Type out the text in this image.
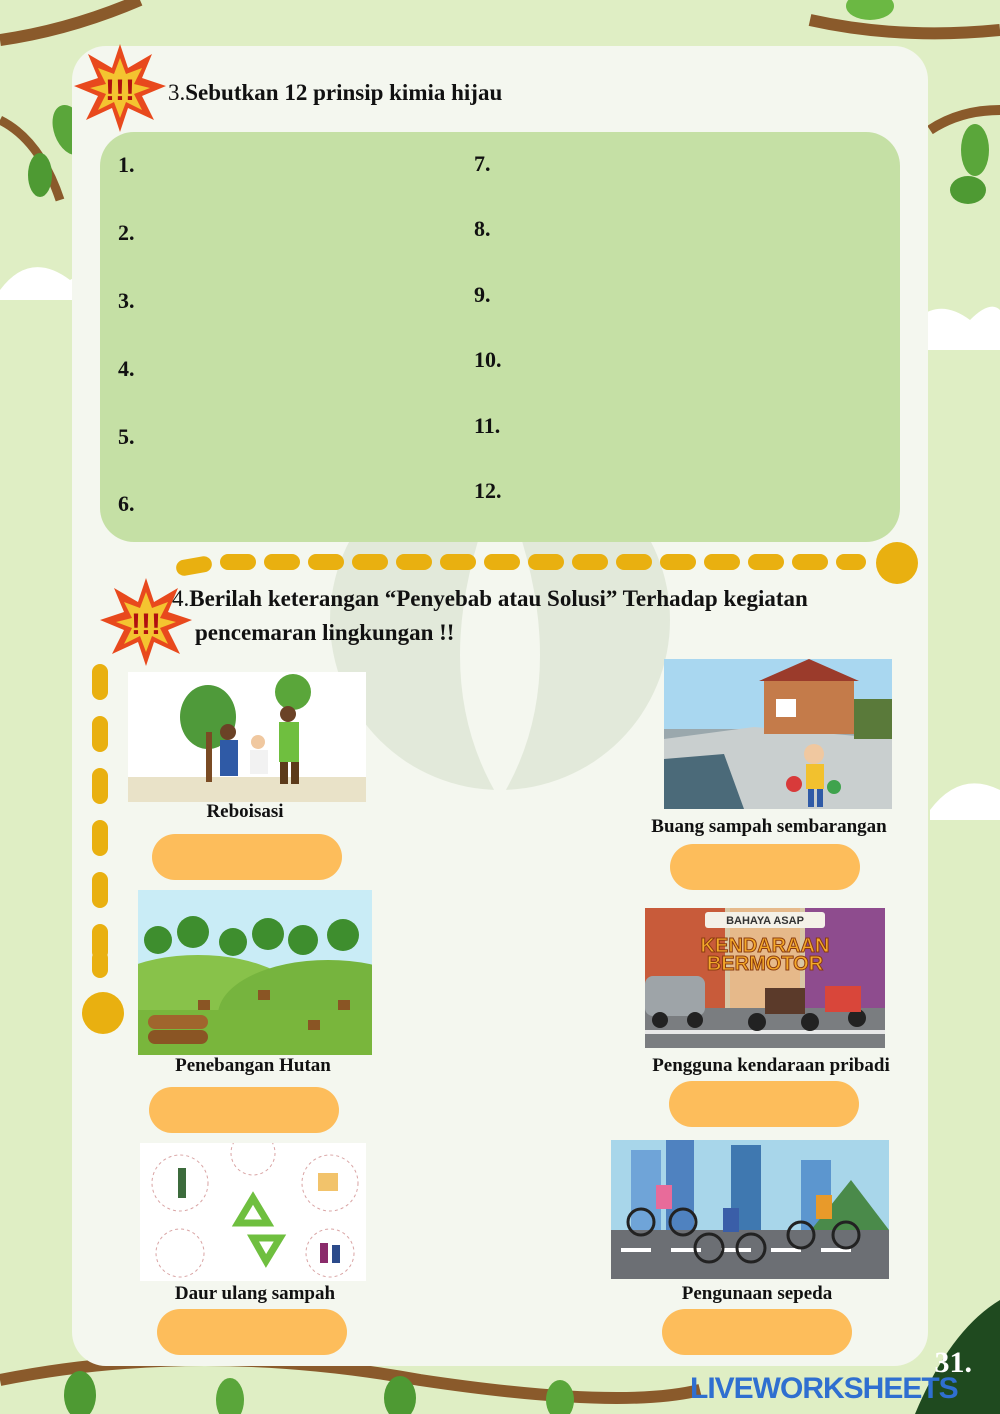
!!! 3.Sebutkan 12 prinsip kimia hijau
1.
2.
3.
4.
5.
6.
7.
8.
9.
10.
11.
12.
!!!
4.Berilah keterangan “Penyebab atau Solusi” Terhadap kegiatan
pencemaran lingkungan !!
Reboisasi
Buang sampah sembarangan
Penebangan Hutan
BAHAYA ASAP
KENDARAAN
BERMOTOR
Pengguna kendaraan pribadi
Daur ulang sampah	Pengunaan sepeda
31.
LIVEWORKSHEETS
